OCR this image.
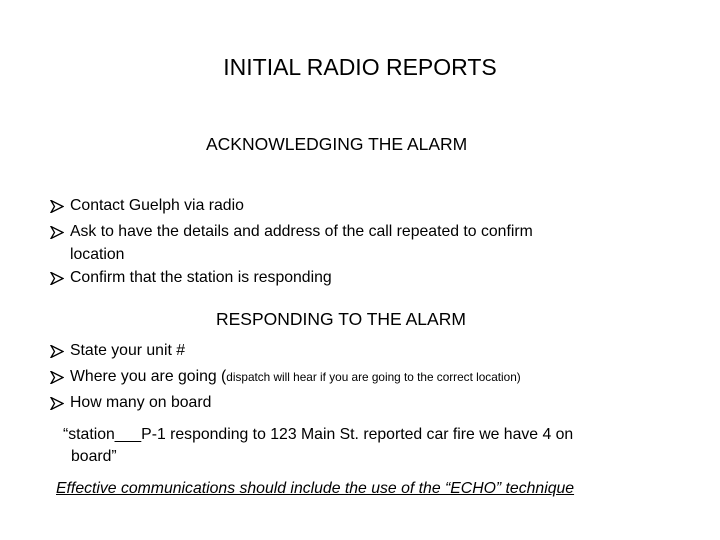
INITIAL RADIO REPORTS
ACKNOWLEDGING THE ALARM
Contact Guelph via radio
Ask to have the details and address of the call repeated to confirm
location
Confirm that the station is responding
RESPONDING TO THE ALARM
State your unit #
Where you are going (dispatch will hear if you are going to the correct location)
How many on board
“station___P-1 responding to 123 Main St. reported car fire we have 4 on
board”
Effective communications should include the use of the “ECHO” technique
